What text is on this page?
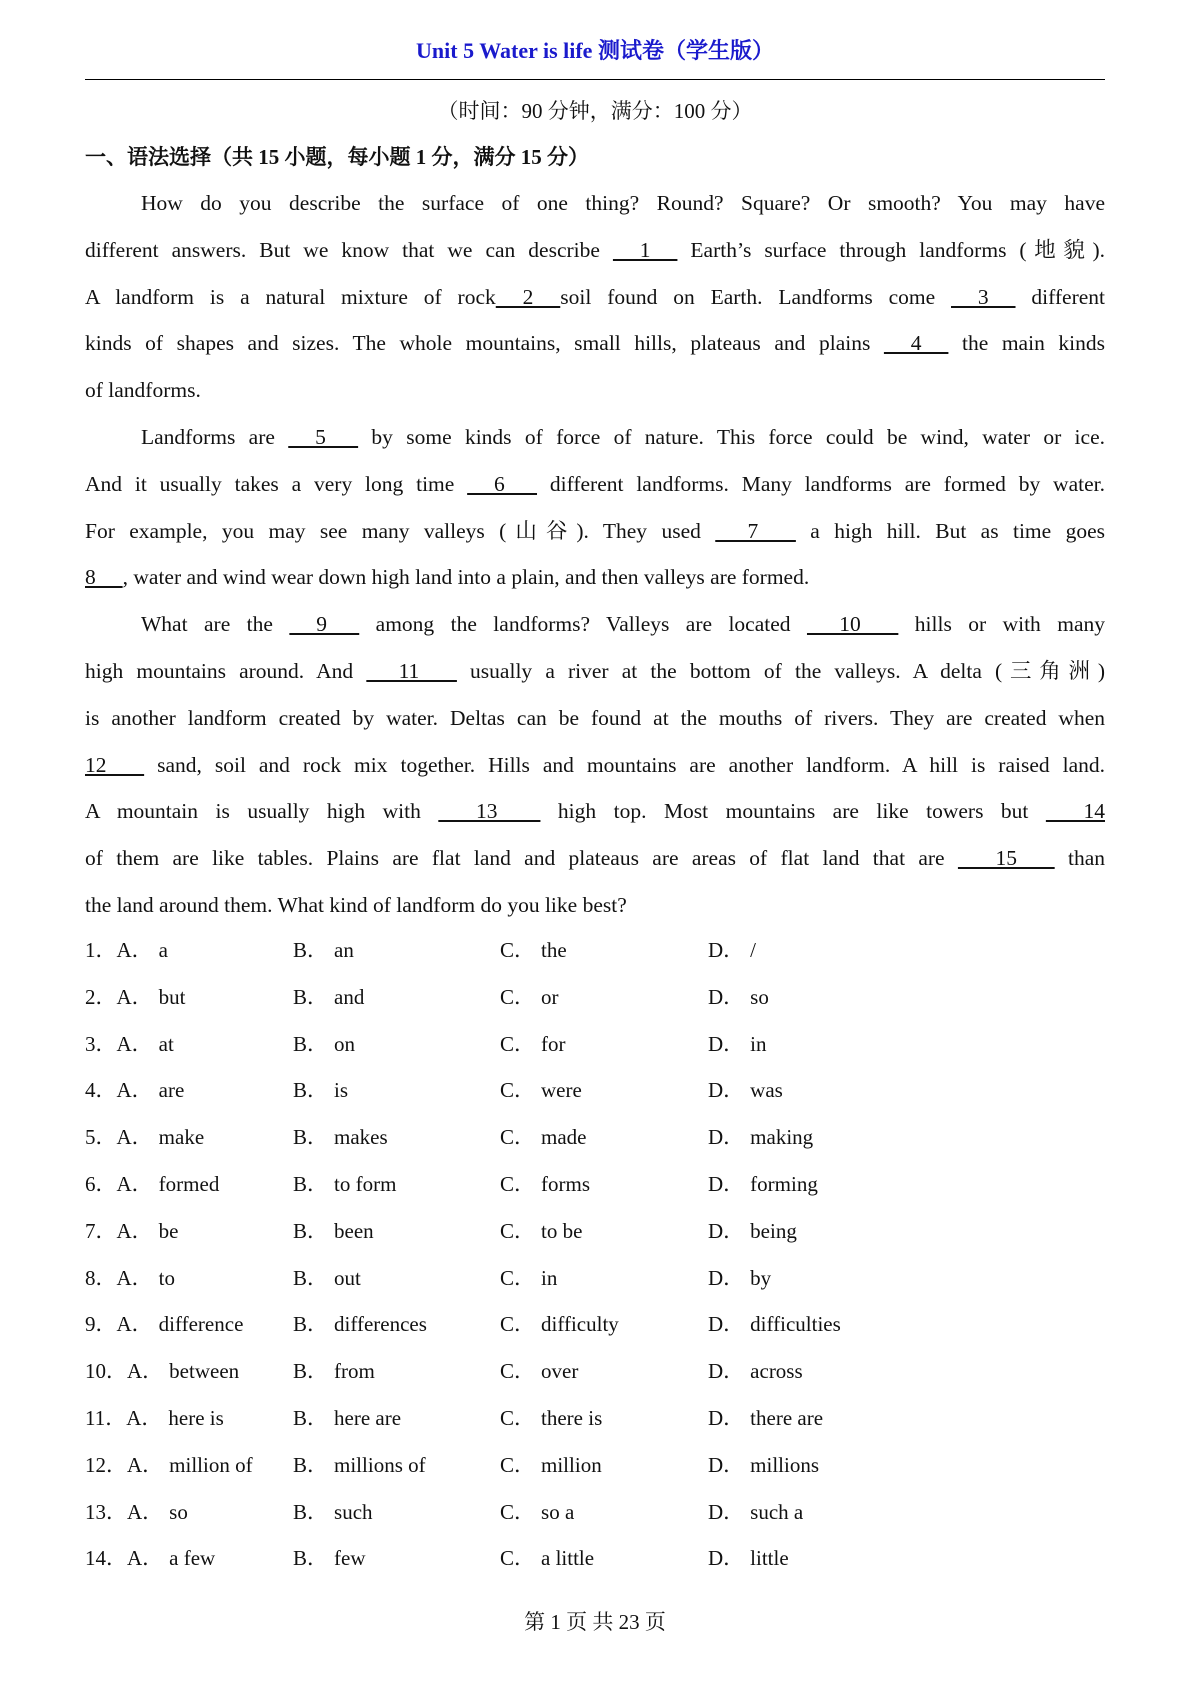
Unit 5 Water is life 测试卷（学生版）
（时间：90 分钟，满分：100 分）
一、语法选择（共 15 小题，每小题 1 分，满分 15 分）
How do you describe the surface of one thing? Round? Square? Or smooth? You may have
different answers. But we know that we can describe      1      Earth’s surface through landforms (地貌).
A landform is a natural mixture of rock     2     soil found on Earth. Landforms come      3      different
kinds of shapes and sizes. The whole mountains, small hills, plateaus and plains      4      the main kinds
of landforms.
Landforms are      5       by some kinds of force of nature. This force could be wind, water or ice.
And it usually takes a very long time      6       different landforms. Many landforms are formed by water.
For example, you may see many valleys (山谷). They used       7        a high hill. But as time goes
8     , water and wind wear down high land into a plain, and then valleys are formed.
What are the      9       among the landforms? Valleys are located       10        hills or with many
high mountains around. And       11        usually a river at the bottom of the valleys. A delta (三角洲)
is another landform created by water. Deltas can be found at the mouths of rivers. They are created when
12        sand, soil and rock mix together. Hills and mountains are another landform. A hill is raised land.
A mountain is usually high with        13         high top. Most mountains are like towers but        14
of them are like tables. Plains are flat land and plateaus are areas of flat land that are        15        than
the land around them. What kind of landform do you like best?
1．A． a	B． an	C． the	D． /
2．A． but	B． and	C． or	D． so
3．A． at	B． on	C． for	D． in
4．A． are	B． is	C． were	D． was
5．A． make	B． makes	C． made	D． making
6．A． formed	B． to form	C． forms	D． forming
7．A． be	B． been	C． to be	D． being
8．A． to	B． out	C． in	D． by
9．A． difference B． differences	C． difficulty	D． difficulties
10．A． between	B． from	C． over	D． across
11．A． here is	B． here are	C． there is	D． there are
12．A． million of B． millions of	C． million	D． millions
13．A． so	B． such	C． so a	D． such a
14．A． a few	B． few	C． a little	D． little
第 1 页 共 23 页
